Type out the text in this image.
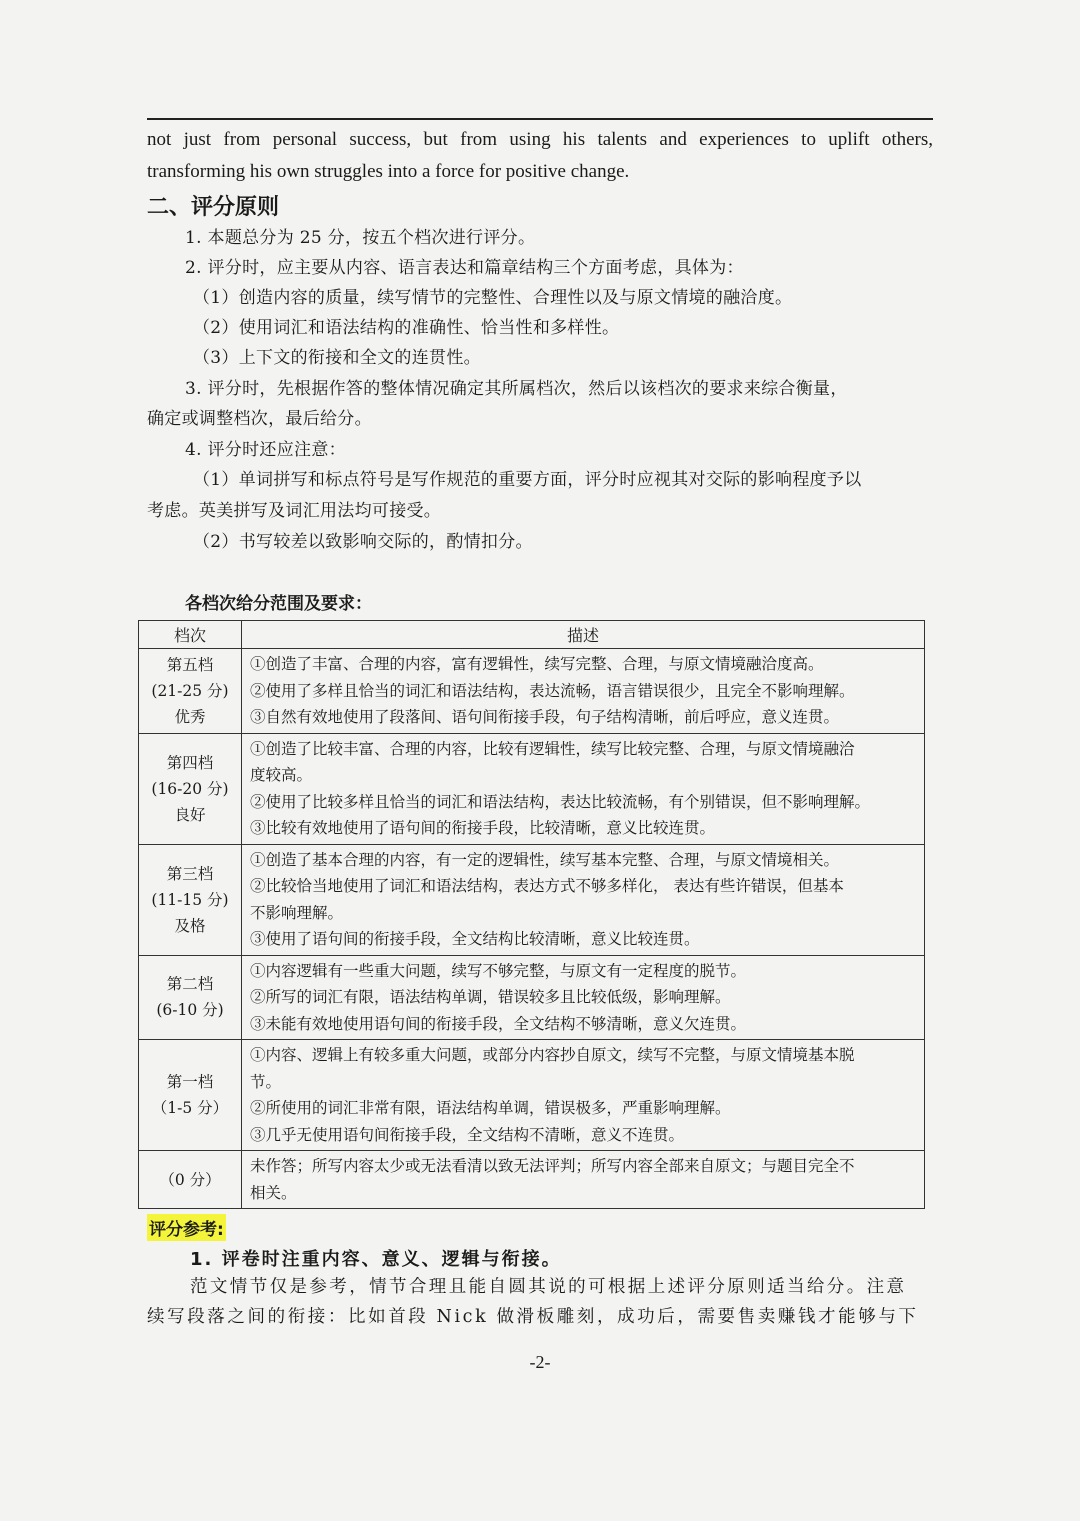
not just from personal success, but from using his talents and experiences to uplift others,

transforming his own struggles into a force for positive change.

二、评分原则

1. 本题总分为 25 分，按五个档次进行评分。

2. 评分时，应主要从内容、语言表达和篇章结构三个方面考虑，具体为：

（1）创造内容的质量，续写情节的完整性、合理性以及与原文情境的融洽度。

（2）使用词汇和语法结构的准确性、恰当性和多样性。

（3）上下文的衔接和全文的连贯性。

3. 评分时，先根据作答的整体情况确定其所属档次，然后以该档次的要求来综合衡量，

确定或调整档次，最后给分。

4. 评分时还应注意：

（1）单词拼写和标点符号是写作规范的重要方面，评分时应视其对交际的影响程度予以

考虑。英美拼写及词汇用法均可接受。

（2）书写较差以致影响交际的，酌情扣分。

各档次给分范围及要求：

档次	描述

第五档
(21-25 分)
优秀	①创造了丰富、合理的内容，富有逻辑性，续写完整、合理，与原文情境融洽度高。
②使用了多样且恰当的词汇和语法结构，表达流畅，语言错误很少，且完全不影响理解。
③自然有效地使用了段落间、语句间衔接手段，句子结构清晰，前后呼应，意义连贯。

第四档
(16-20 分)
良好	①创造了比较丰富、合理的内容，比较有逻辑性，续写比较完整、合理，与原文情境融洽
度较高。
②使用了比较多样且恰当的词汇和语法结构，表达比较流畅，有个别错误，但不影响理解。
③比较有效地使用了语句间的衔接手段，比较清晰，意义比较连贯。

第三档
(11-15 分)
及格	①创造了基本合理的内容，有一定的逻辑性，续写基本完整、合理，与原文情境相关。
②比较恰当地使用了词汇和语法结构，表达方式不够多样化， 表达有些许错误，但基本
不影响理解。
③使用了语句间的衔接手段，全文结构比较清晰，意义比较连贯。

第二档
(6-10 分)	①内容逻辑有一些重大问题，续写不够完整，与原文有一定程度的脱节。
②所写的词汇有限，语法结构单调，错误较多且比较低级，影响理解。
③未能有效地使用语句间的衔接手段，全文结构不够清晰，意义欠连贯。

第一档
（1-5 分）	①内容、逻辑上有较多重大问题，或部分内容抄自原文，续写不完整，与原文情境基本脱
节。
②所使用的词汇非常有限，语法结构单调，错误极多，严重影响理解。
③几乎无使用语句间衔接手段，全文结构不清晰，意义不连贯。

（0 分）	未作答；所写内容太少或无法看清以致无法评判；所写内容全部来自原文；与题目完全不
相关。
评分参考:

1. 评卷时注重内容、意义、逻辑与衔接。

范文情节仅是参考，情节合理且能自圆其说的可根据上述评分原则适当给分。注意

续写段落之间的衔接：比如首段 Nick 做滑板雕刻，成功后，需要售卖赚钱才能够与下

-2-
